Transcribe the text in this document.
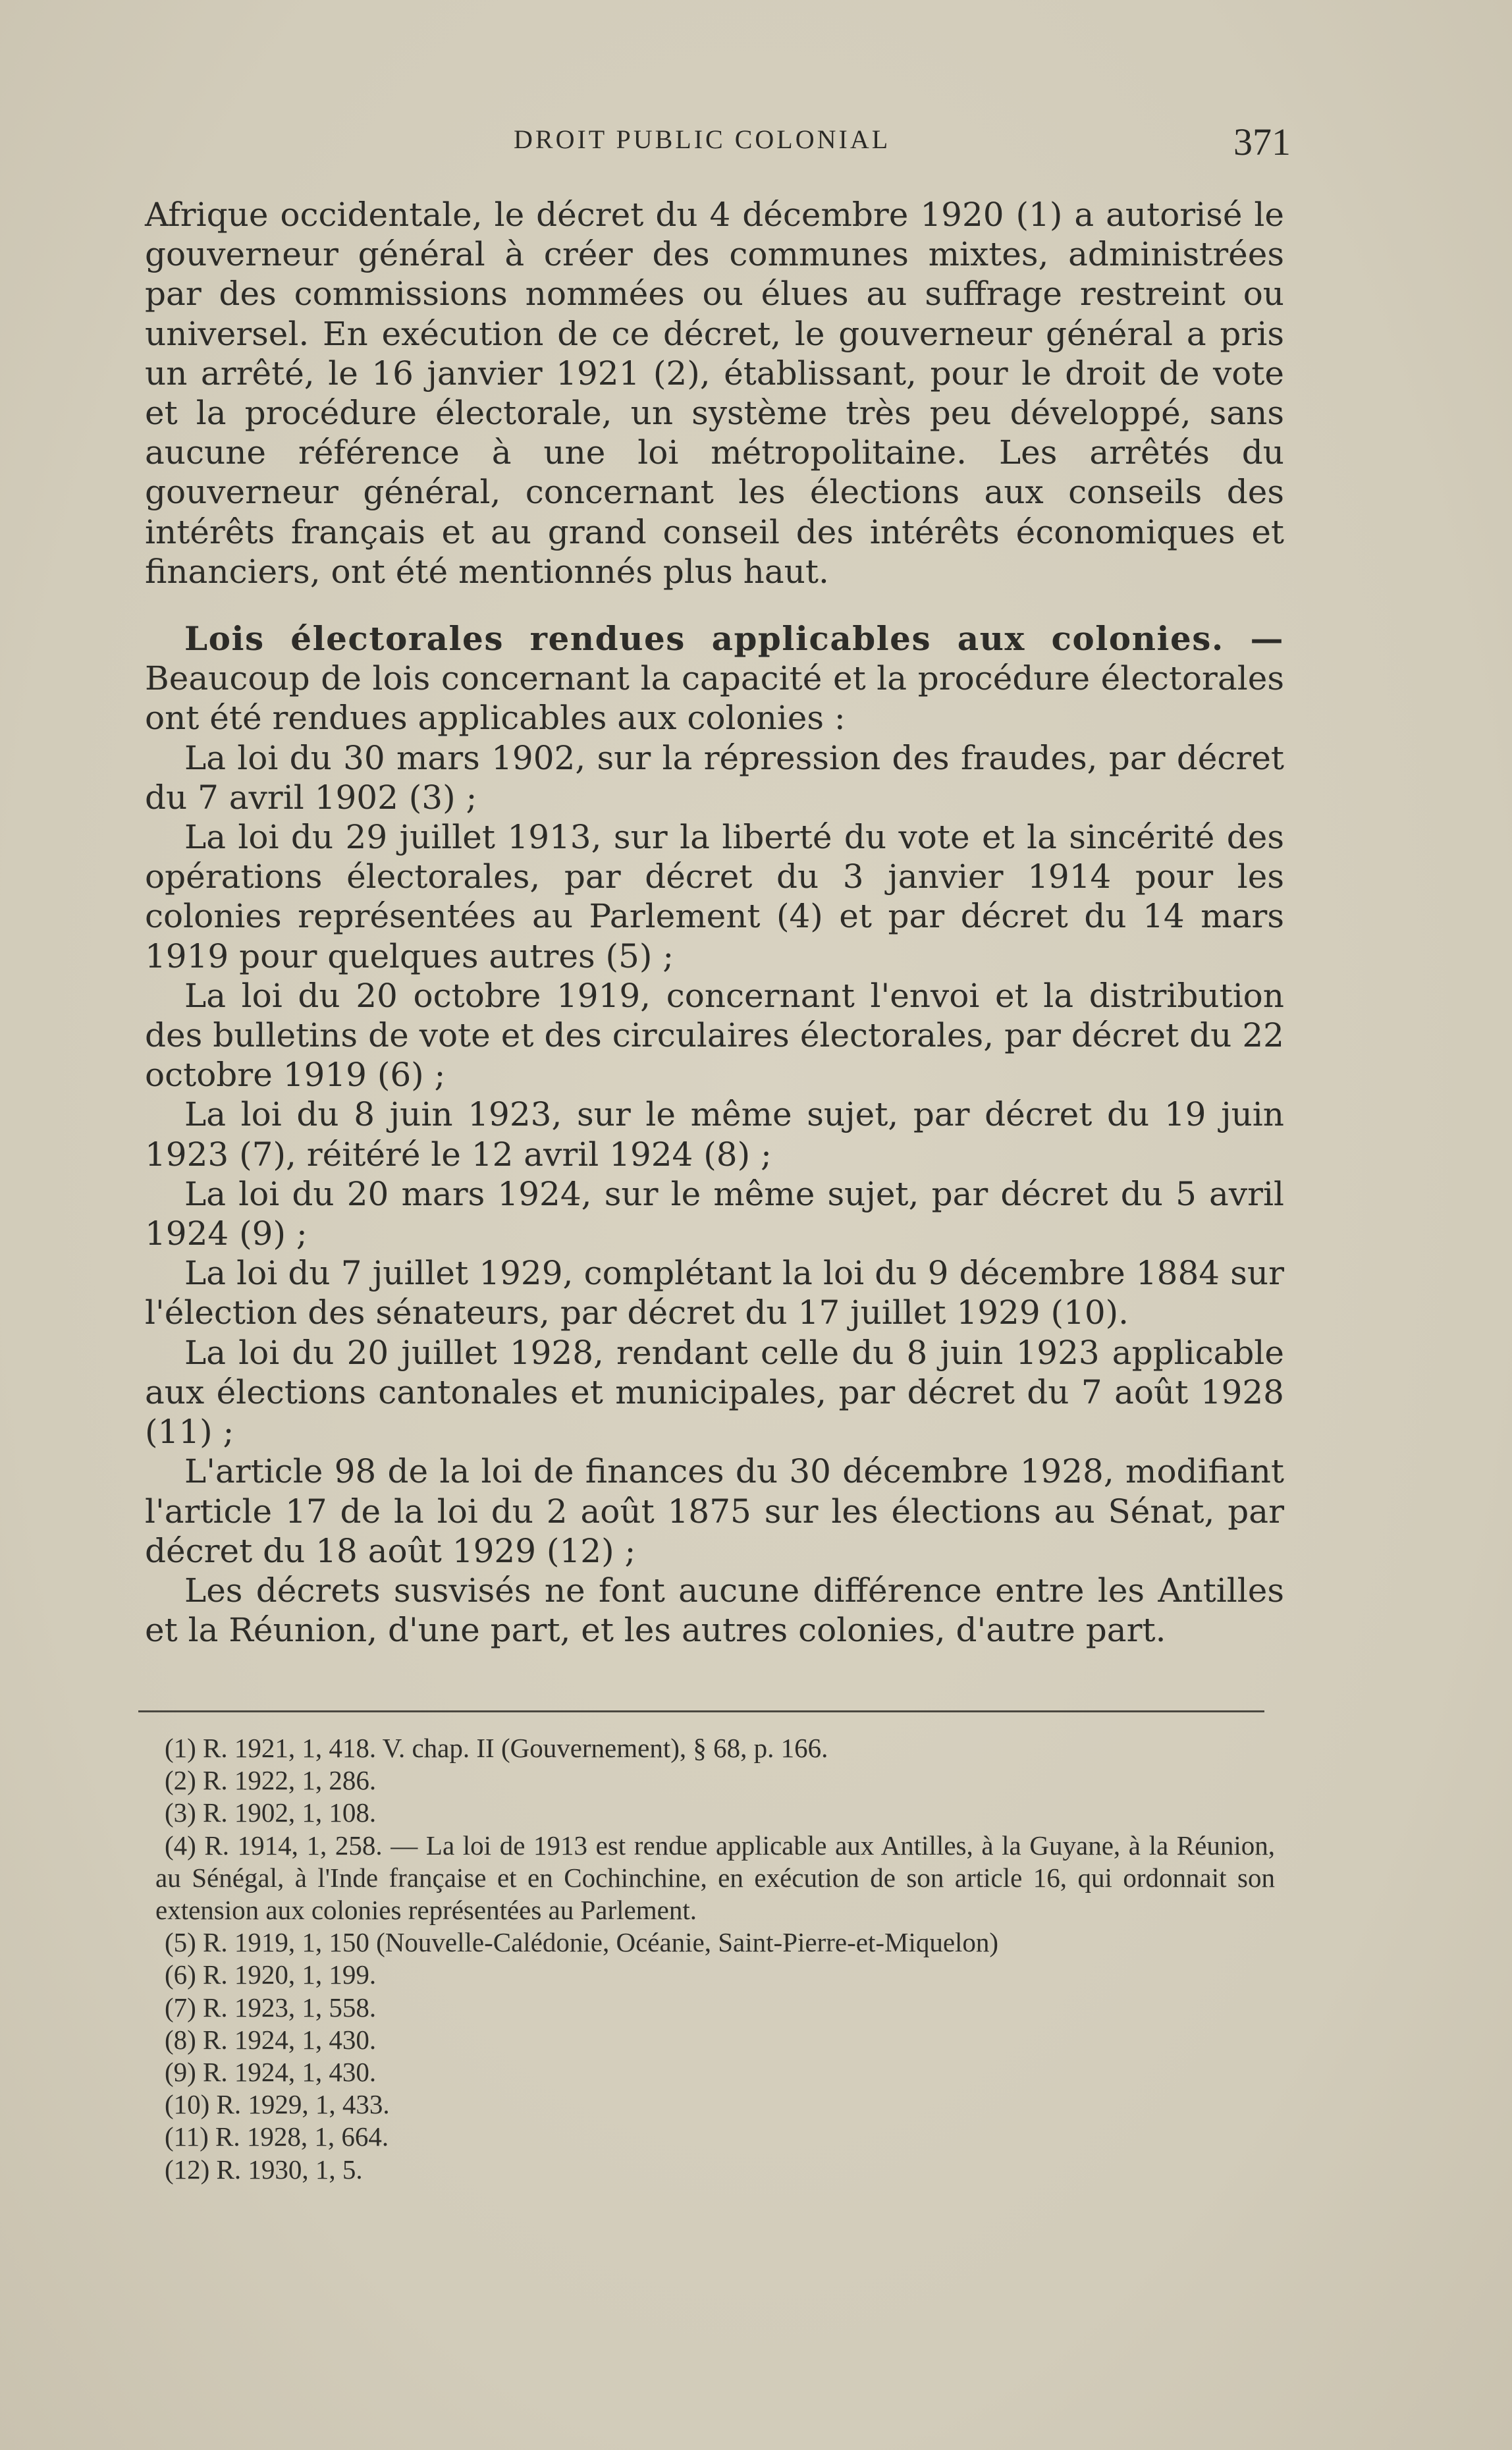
DROIT PUBLIC COLONIAL	371

Afrique occidentale, le décret du 4 décembre 1920 (1) a autorisé le gouverneur général à créer des communes mixtes, administrées par des commissions nommées ou élues au suffrage restreint ou universel. En exécution de ce décret, le gouverneur général a pris un arrêté, le 16 janvier 1921 (2), établissant, pour le droit de vote et la procédure électorale, un système très peu développé, sans aucune référence à une loi métropolitaine. Les arrêtés du gouverneur général, concernant les élections aux conseils des intérêts français et au grand conseil des intérêts économiques et financiers, ont été mentionnés plus haut.

Lois électorales rendues applicables aux colonies. — Beaucoup de lois concernant la capacité et la procédure électorales ont été rendues applicables aux colonies :

La loi du 30 mars 1902, sur la répression des fraudes, par décret du 7 avril 1902 (3) ;

La loi du 29 juillet 1913, sur la liberté du vote et la sincérité des opérations électorales, par décret du 3 janvier 1914 pour les colonies représentées au Parlement (4) et par décret du 14 mars 1919 pour quelques autres (5) ;

La loi du 20 octobre 1919, concernant l'envoi et la distribution des bulletins de vote et des circulaires électorales, par décret du 22 octobre 1919 (6) ;

La loi du 8 juin 1923, sur le même sujet, par décret du 19 juin 1923 (7), réitéré le 12 avril 1924 (8) ;

La loi du 20 mars 1924, sur le même sujet, par décret du 5 avril 1924 (9) ;

La loi du 7 juillet 1929, complétant la loi du 9 décembre 1884 sur l'élection des sénateurs, par décret du 17 juillet 1929 (10).

La loi du 20 juillet 1928, rendant celle du 8 juin 1923 applicable aux élections cantonales et municipales, par décret du 7 août 1928 (11) ;

L'article 98 de la loi de finances du 30 décembre 1928, modifiant l'article 17 de la loi du 2 août 1875 sur les élections au Sénat, par décret du 18 août 1929 (12) ;

Les décrets susvisés ne font aucune différence entre les Antilles et la Réunion, d'une part, et les autres colonies, d'autre part.

(1) R. 1921, 1, 418. V. chap. II (Gouvernement), § 68, p. 166.

(2) R. 1922, 1, 286.

(3) R. 1902, 1, 108.

(4) R. 1914, 1, 258. — La loi de 1913 est rendue applicable aux Antilles, à la Guyane, à la Réunion, au Sénégal, à l'Inde française et en Cochinchine, en exécution de son article 16, qui ordonnait son extension aux colonies représentées au Parlement.

(5) R. 1919, 1, 150 (Nouvelle-Calédonie, Océanie, Saint-Pierre-et-Miquelon)

(6) R. 1920, 1, 199.

(7) R. 1923, 1, 558.

(8) R. 1924, 1, 430.

(9) R. 1924, 1, 430.

(10) R. 1929, 1, 433.

(11) R. 1928, 1, 664.

(12) R. 1930, 1, 5.
